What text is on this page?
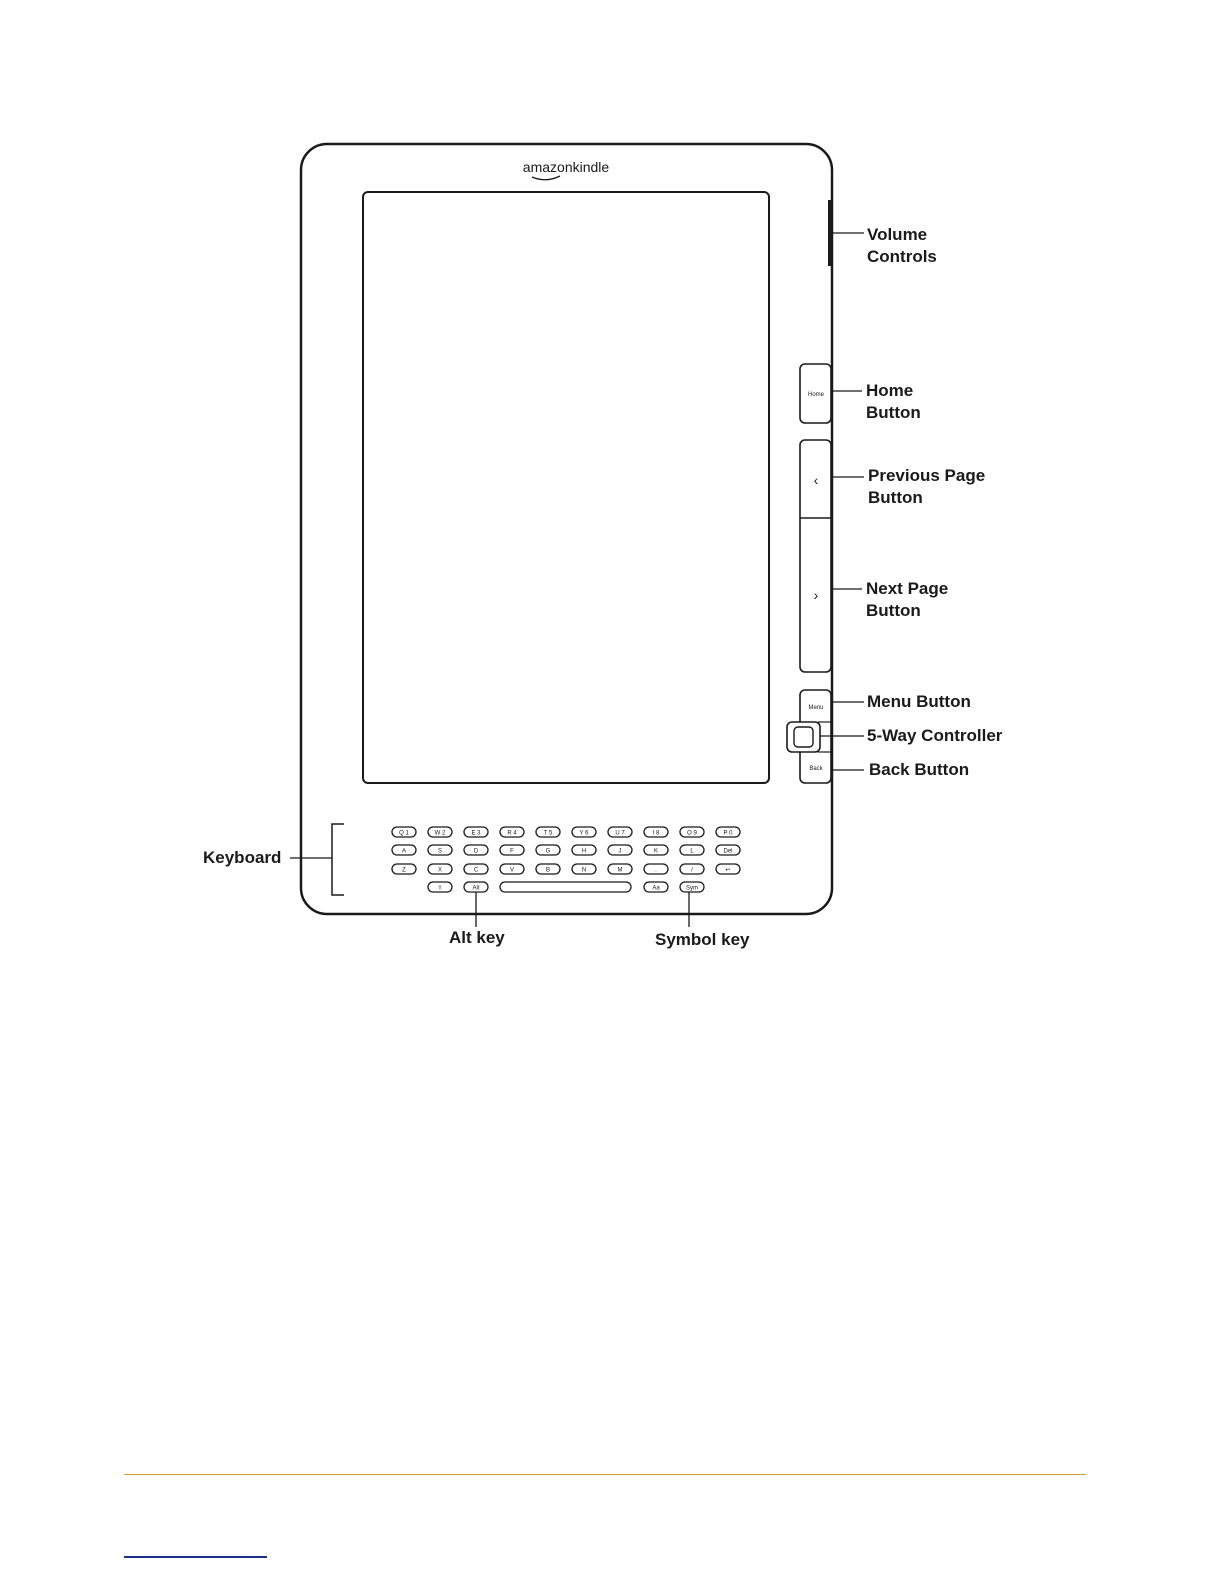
amazonkindle
Home
‹
›
Menu
Back
Q 1	W 2	E 3	R 4	T 5	Y 6	U 7	I 8	O 9	P 0
A	S	D	F	G	H	J	K	L	Del
Z	X	C	V	B	N	M	.	/	↵
⇧	Alt	Aa	Sym
Volume
Controls
Home
Button
Previous Page
Button
Next Page
Button
Menu Button
5-Way Controller
Back Button
Keyboard
Alt key	Symbol key
